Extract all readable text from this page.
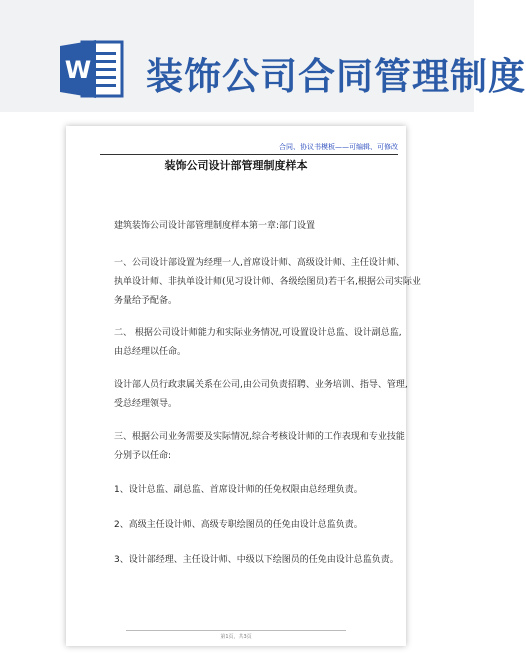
W 装饰公司合同管理制度
合同、协议书模板——可编辑、可修改
装饰公司设计部管理制度样本
建筑装饰公司设计部管理制度样本第一章:部门设置
一、公司设计部设置为经理一人,首席设计师、高级设计师、主任设计师、
执单设计师、非执单设计师(见习设计师、各级绘图员)若干名,根据公司实际业
务量给予配备。
二、 根据公司设计师能力和实际业务情况,可设置设计总监、设计副总监,
由总经理以任命。
设计部人员行政隶属关系在公司,由公司负责招聘、业务培训、指导、管理,
受总经理领导。
三、根据公司业务需要及实际情况,综合考核设计师的工作表现和专业技能
分别予以任命:
1、设计总监、副总监、首席设计师的任免权限由总经理负责。
2、高级主任设计师、高级专职绘图员的任免由设计总监负责。
3、设计部经理、主任设计师、中级以下绘图员的任免由设计总监负责。
第1页，共3页
